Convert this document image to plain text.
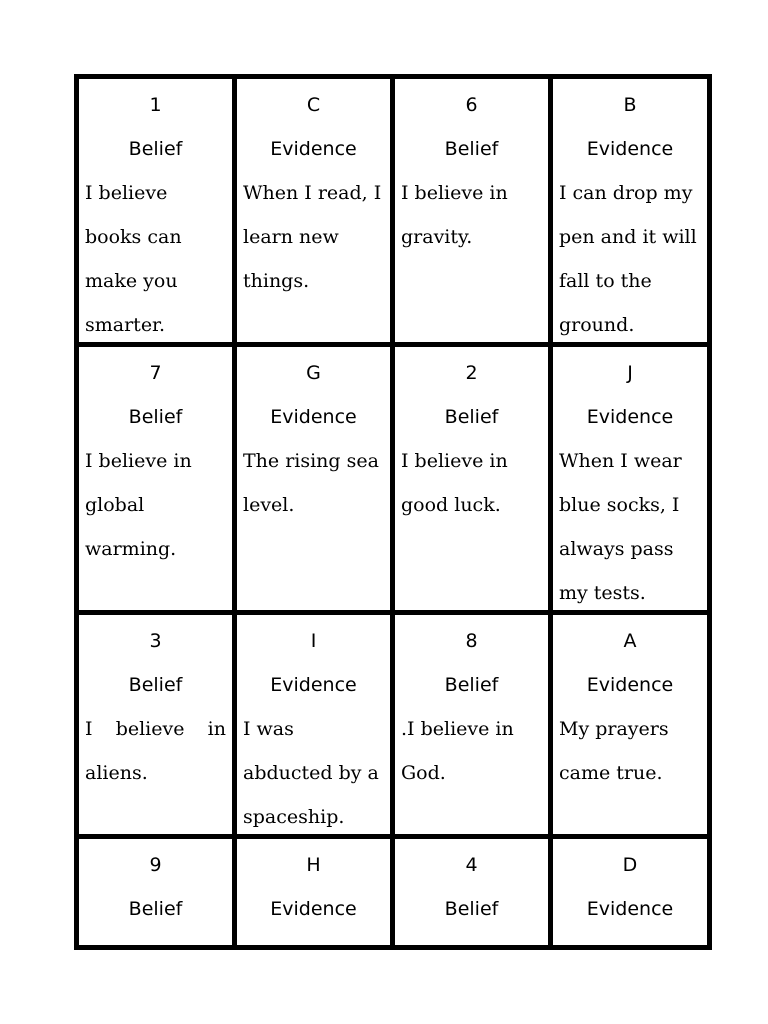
1
Belief
I believe books can make you smarter.
C
Evidence
When I read, I learn new things.
6
Belief
I believe in gravity.
B
Evidence
I can drop my pen and it will fall to the ground.
7
Belief
I believe in global warming.
G
Evidence
The rising sea level.
2
Belief
I believe in good luck.
J
Evidence
When I wear blue socks, I always pass my tests.
3
Belief
I believe in aliens.
I
Evidence
I was abducted by a spaceship.
8
Belief
.I believe in God.
A
Evidence
My prayers came true.
9
Belief
H
Evidence
4
Belief
D
Evidence
